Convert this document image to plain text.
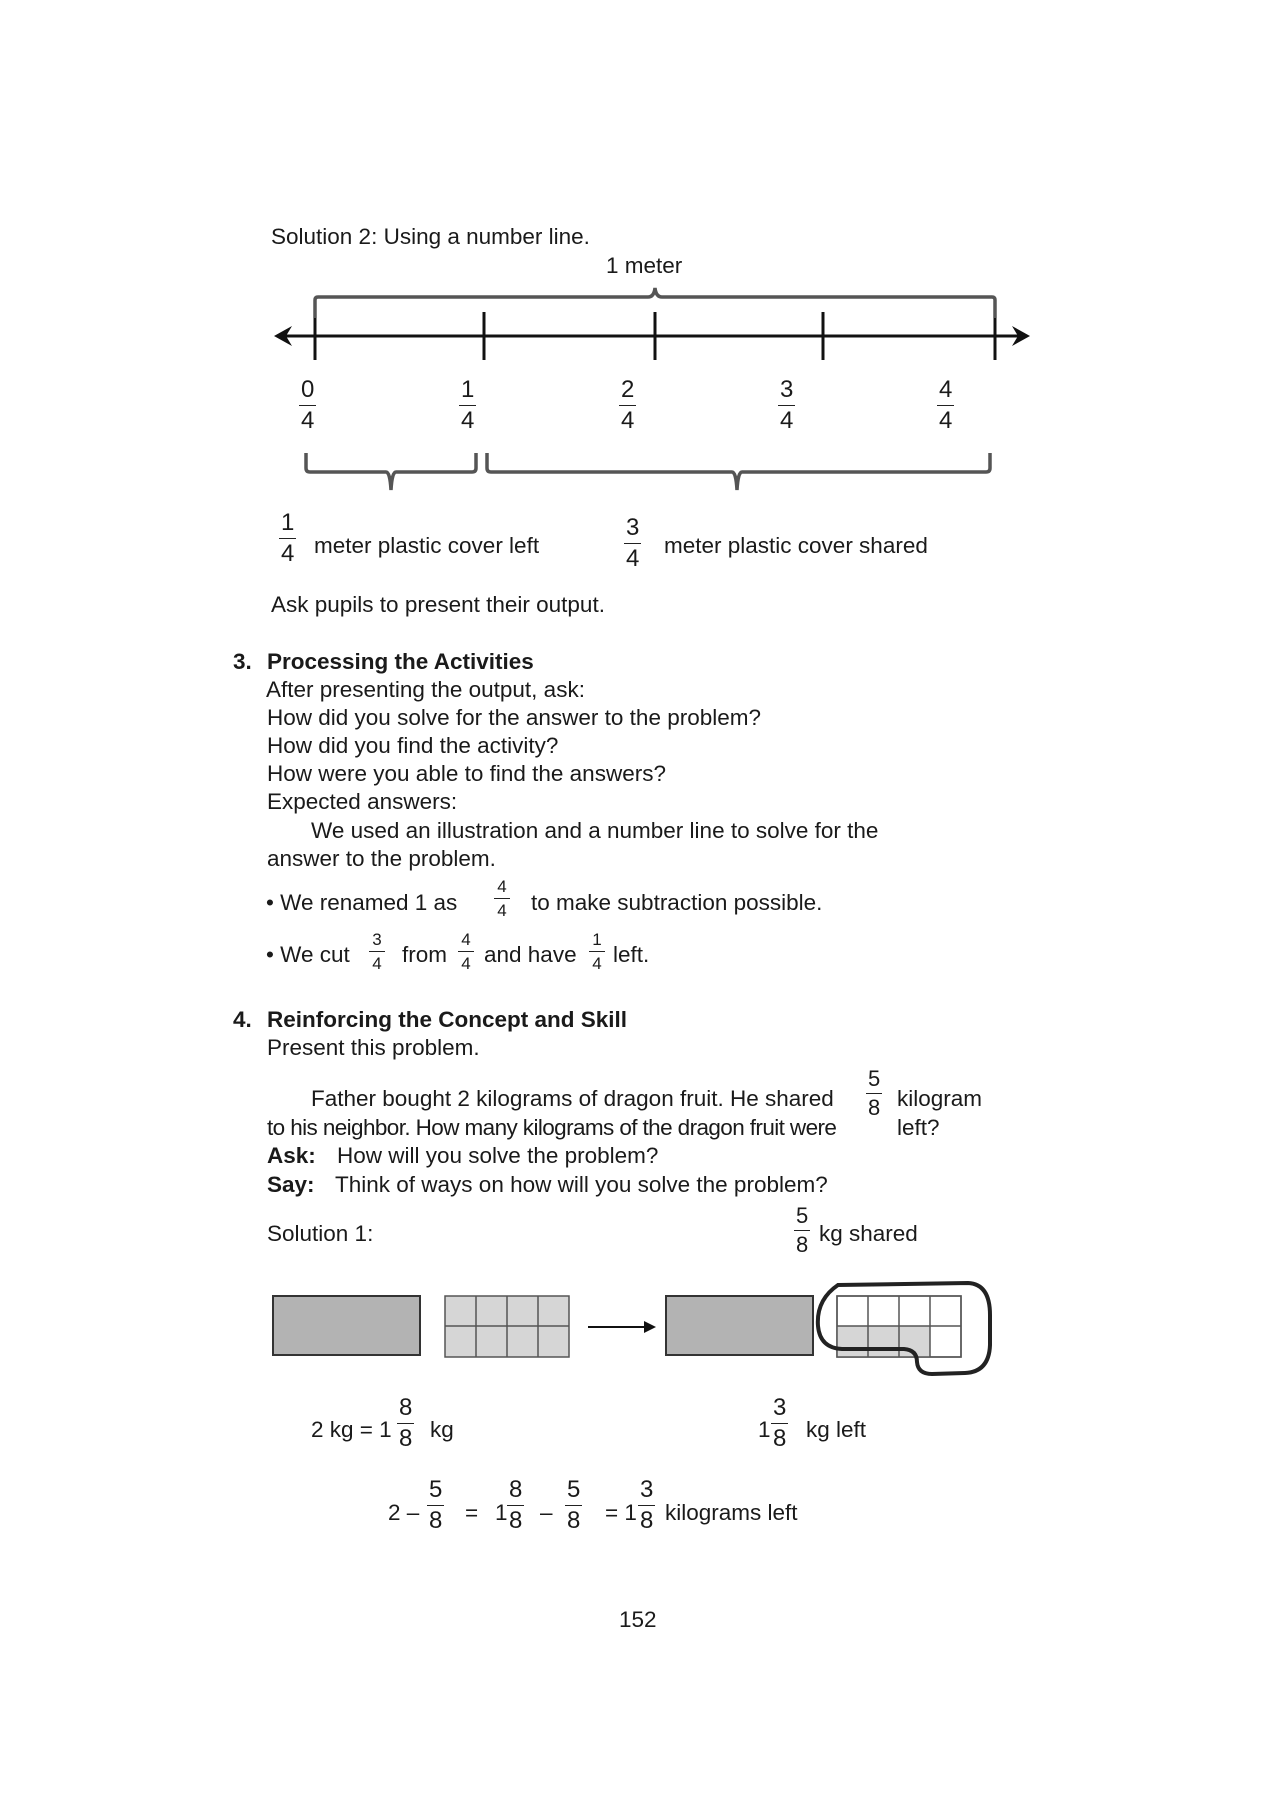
Solution 2: Using a number line.
1 meter
0
4
1
4
2
4
3
4
4
4
1
4 meter plastic cover left
3
4 meter plastic cover shared
Ask pupils to present their output.
3. Processing the Activities
After presenting the output, ask:
How did you solve for the answer to the problem?
How did you find the activity?
How were you able to find the answers?
Expected answers:
We used an illustration and a number line to solve for the
answer to the problem.
• We renamed 1 as
4
4 to make subtraction possible.
• We cut
3
4 from
4
4 and have
1
4 left.
4. Reinforcing the Concept and Skill
Present this problem.
Father bought 2 kilograms of dragon fruit. He shared
5
8 kilogram
to his neighbor. How many kilograms of the dragon fruit were	left?
Ask: How will you solve the problem?
Say: Think of ways on how will you solve the problem?
Solution 1:
5
8 kg shared
2 kg = 1
8
8 kg	1
3
8 kg left
2 –
5
8 = 1
8
8 –
5
8 = 1
3
8 kilograms left
152
